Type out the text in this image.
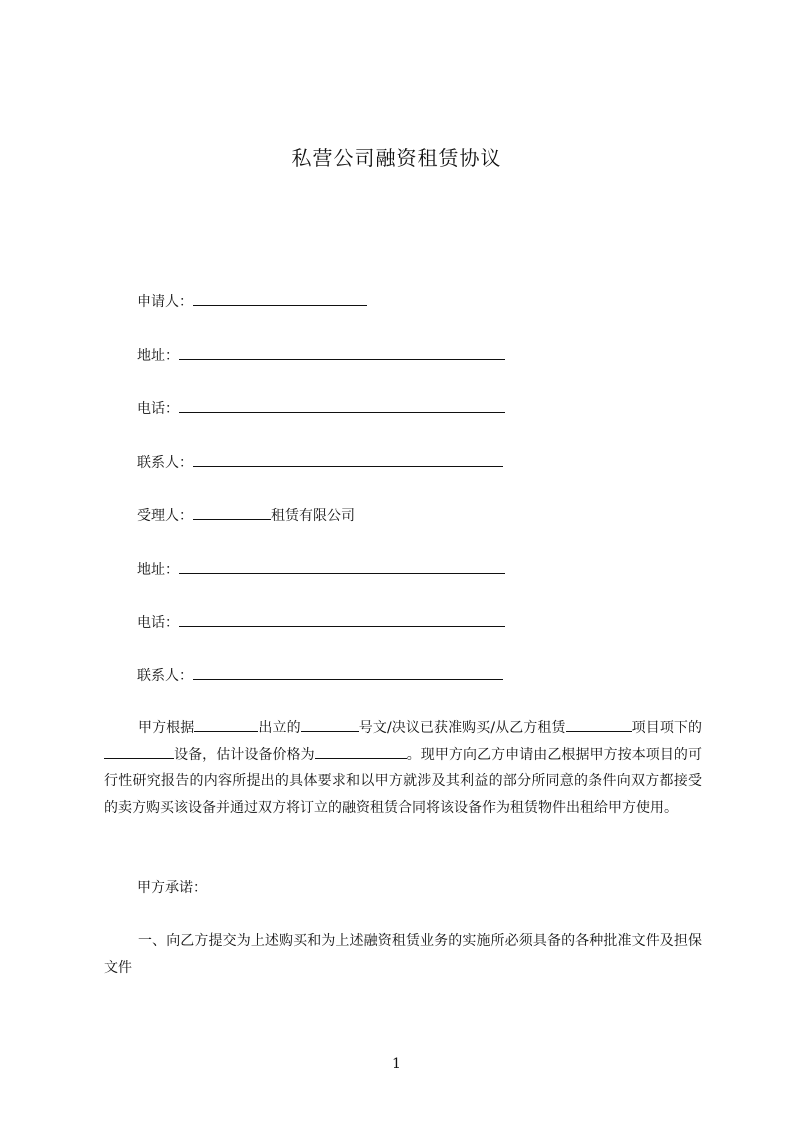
私营公司融资租赁协议
申请人：
地址：
电话：
联系人：
受理人：	租赁有限公司
地址：
电话：
联系人：
甲方根据	出立的	号文/决议已获准购买/从乙方租赁	项目项下的设备，估计设备价格为	。现甲方向乙方申请由乙根据甲方按本项目的可行性研究报告的内容所提出的具体要求和以甲方就涉及其利益的部分所同意的条件向双方都接受的卖方购买该设备并通过双方将订立的融资租赁合同将该设备作为租赁物件出租给甲方使用。
甲方承诺：
一、向乙方提交为上述购买和为上述融资租赁业务的实施所必须具备的各种批准文件及担保文件
1
